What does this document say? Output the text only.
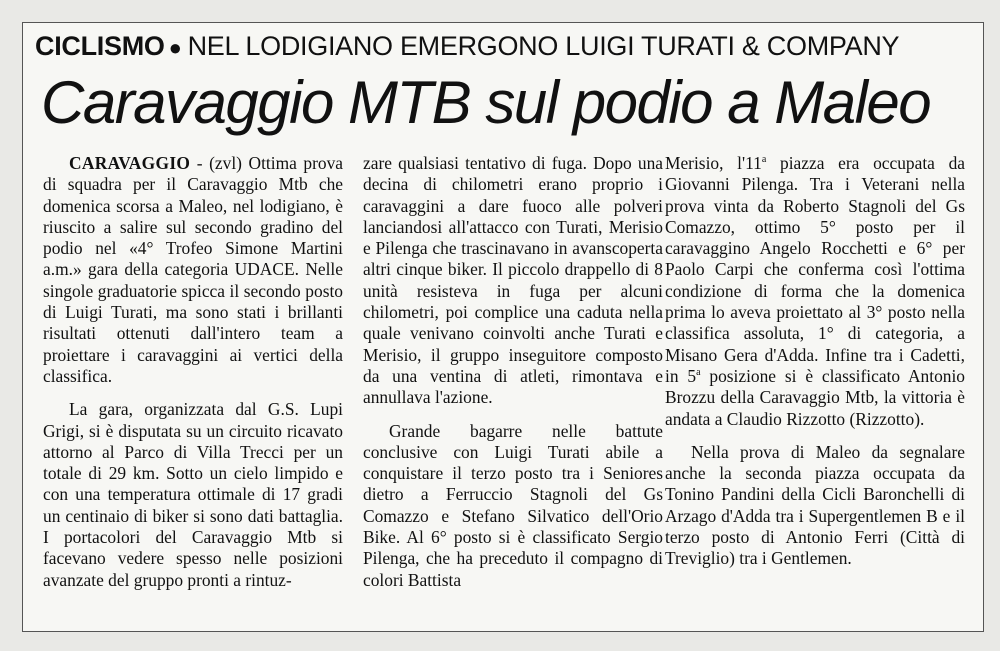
CICLISMO ● NEL LODIGIANO EMERGONO LUIGI TURATI & COMPANY
Caravaggio MTB sul podio a Maleo

CARAVAGGIO - (zvl) Ottima prova di squadra per il Caravaggio Mtb che domenica scorsa a Maleo, nel lodigiano, è riuscito a salire sul secondo gradino del podio nel «4° Trofeo Simone Martini a.m.» gara della categoria UDACE. Nelle singole graduatorie spicca il secondo posto di Luigi Turati, ma sono stati i brillanti risultati ottenuti dall'intero team a proiettare i caravaggini ai vertici della classifica.

La gara, organizzata dal G.S. Lupi Grigi, si è disputata su un circuito ricavato attorno al Parco di Villa Trecci per un totale di 29 km. Sotto un cielo limpido e con una temperatura ottimale di 17 gradi un centinaio di biker si sono dati battaglia. I portacolori del Caravaggio Mtb si facevano vedere spesso nelle posizioni avanzate del gruppo pronti a rintuz-

zare qualsiasi tentativo di fuga. Dopo una decina di chilometri erano proprio i caravaggini a dare fuoco alle polveri lanciandosi all'attacco con Turati, Merisio e Pilenga che trascinavano in avanscoperta altri cinque biker. Il piccolo drappello di 8 unità resisteva in fuga per alcuni chilometri, poi complice una caduta nella quale venivano coinvolti anche Turati e Merisio, il gruppo inseguitore composto da una ventina di atleti, rimontava e annullava l'azione.

Grande bagarre nelle battute conclusive con Luigi Turati abile a conquistare il terzo posto tra i Seniores dietro a Ferruccio Stagnoli del Gs Comazzo e Stefano Silvatico dell'Orio Bike. Al 6° posto si è classificato Sergio Pilenga, che ha preceduto il compagno di colori Battista

Merisio, l'11$^a$ piazza era occupata da Giovanni Pilenga. Tra i Veterani nella prova vinta da Roberto Stagnoli del Gs Comazzo, ottimo 5° posto per il caravaggino Angelo Rocchetti e 6° per Paolo Carpi che conferma così l'ottima condizione di forma che la domenica prima lo aveva proiettato al 3° posto nella classifica assoluta, 1° di categoria, a Misano Gera d'Adda. Infine tra i Cadetti, in 5$^a$ posizione si è classificato Antonio Brozzu della Caravaggio Mtb, la vittoria è andata a Claudio Rizzotto (Rizzotto).

Nella prova di Maleo da segnalare anche la seconda piazza occupata da Tonino Pandini della Cicli Baronchelli di Arzago d'Adda tra i Supergentlemen B e il terzo posto di Antonio Ferri (Città di Treviglio) tra i Gentlemen.
